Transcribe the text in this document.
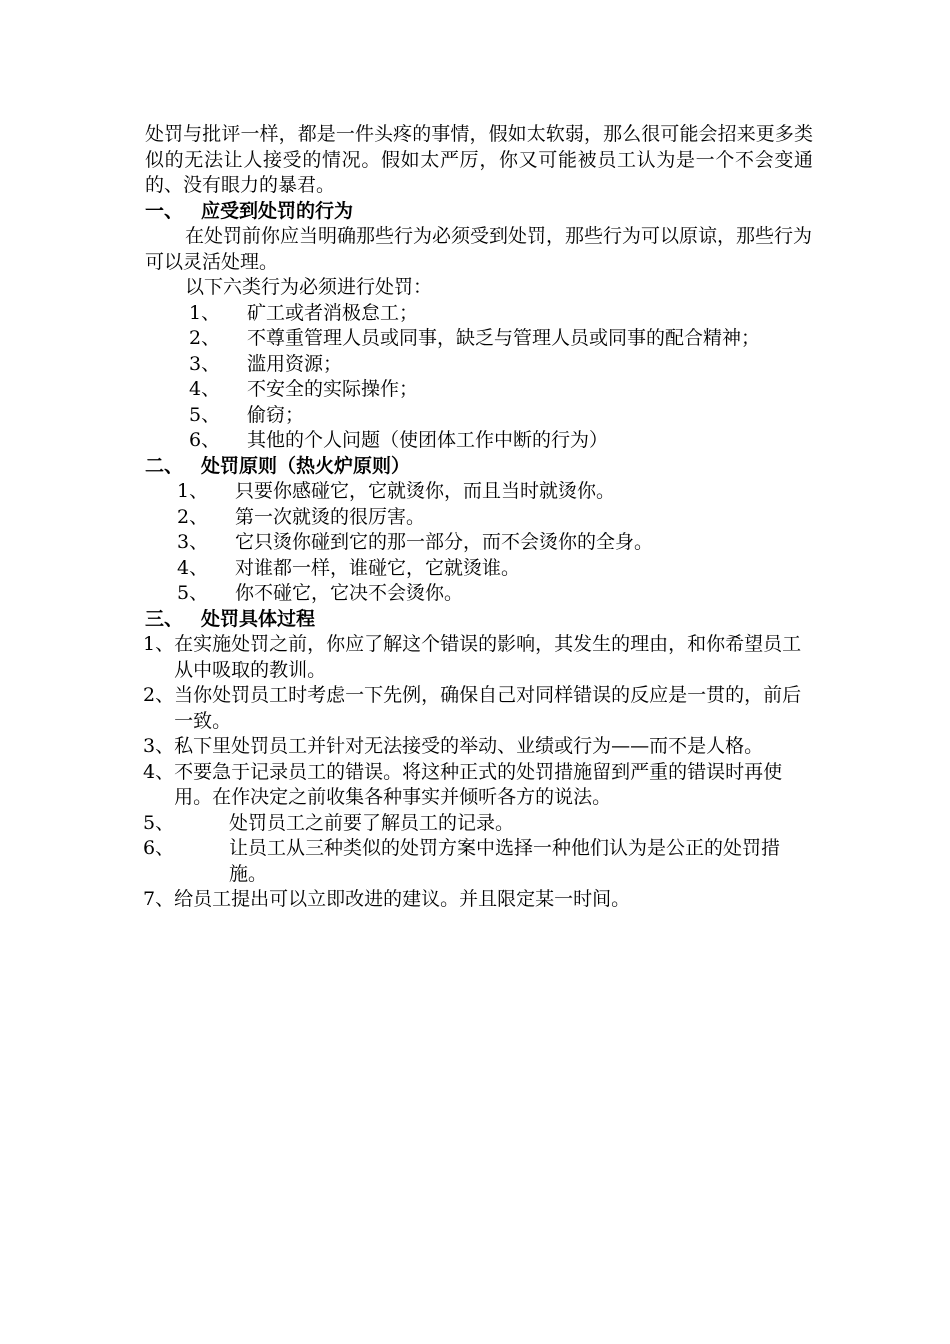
处罚与批评一样，都是一件头疼的事情，假如太软弱，那么很可能会招来更多类似的无法让人接受的情况。假如太严厉，你又可能被员工认为是一个不会变通的、没有眼力的暴君。

一、 应受到处罚的行为

在处罚前你应当明确那些行为必须受到处罚，那些行为可以原谅，那些行为可以灵活处理。

以下六类行为必须进行处罚：

1、	矿工或者消极怠工；
2、	不尊重管理人员或同事，缺乏与管理人员或同事的配合精神；
3、	滥用资源；
4、	不安全的实际操作；
5、	偷窃；
6、	其他的个人问题（使团体工作中断的行为）
二、 处罚原则（热火炉原则）
1、	只要你感碰它，它就烫你，而且当时就烫你。
2、	第一次就烫的很厉害。
3、	它只烫你碰到它的那一部分，而不会烫你的全身。
4、	对谁都一样，谁碰它，它就烫谁。
5、	你不碰它，它决不会烫你。
三、 处罚具体过程
1、 在实施处罚之前，你应了解这个错误的影响，其发生的理由，和你希望员工从中吸取的教训。
2、 当你处罚员工时考虑一下先例，确保自己对同样错误的反应是一贯的，前后一致。
3、 私下里处罚员工并针对无法接受的举动、业绩或行为——而不是人格。
4、 不要急于记录员工的错误。将这种正式的处罚措施留到严重的错误时再使用。在作决定之前收集各种事实并倾听各方的说法。
5、	处罚员工之前要了解员工的记录。
6、	让员工从三种类似的处罚方案中选择一种他们认为是公正的处罚措施。
7、 给员工提出可以立即改进的建议。并且限定某一时间。
